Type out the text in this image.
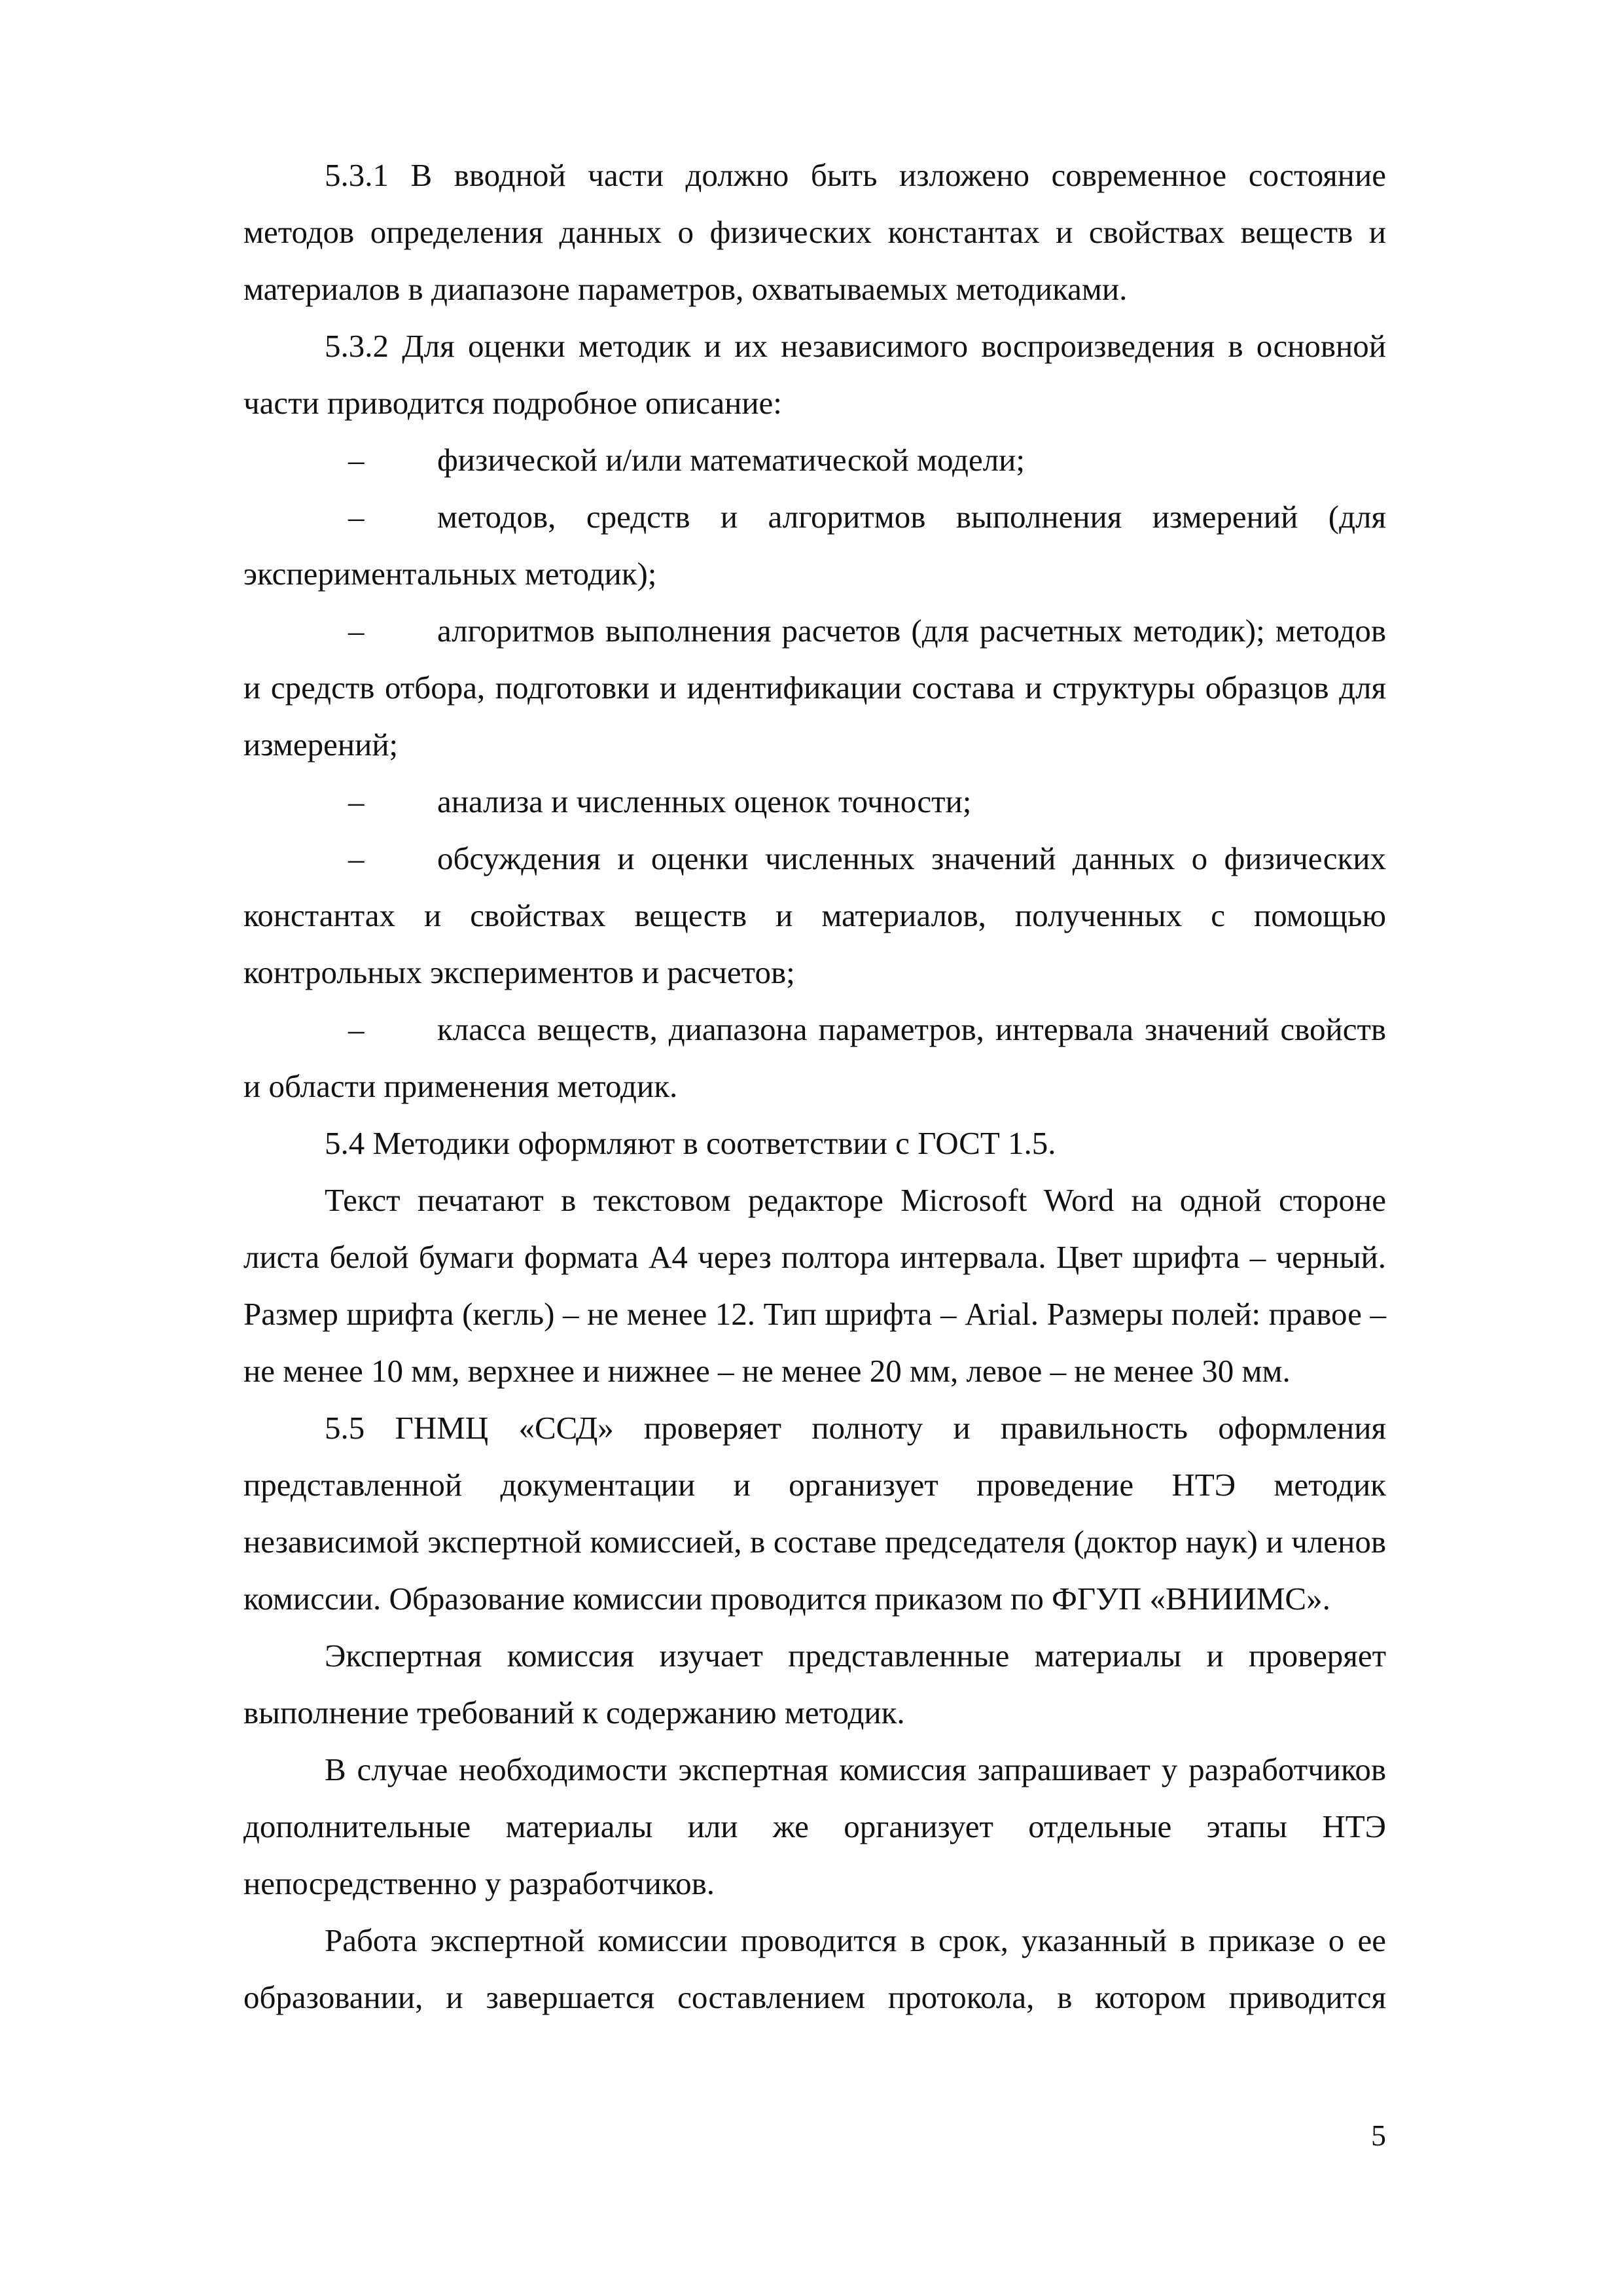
5.3.1 В вводной части должно быть изложено современное состояние методов определения данных о физических константах и свойствах веществ и материалов в диапазоне параметров, охватываемых методиками.

5.3.2 Для оценки методик и их независимого воспроизведения в основной части приводится подробное описание:

– физической и/или математической модели;

– методов, средств и алгоритмов выполнения измерений (для экспериментальных методик);

– алгоритмов выполнения расчетов (для расчетных методик); методов и средств отбора, подготовки и идентификации состава и структуры образцов для измерений;

– анализа и численных оценок точности;

– обсуждения и оценки численных значений данных о физических константах и свойствах веществ и материалов, полученных с помощью контрольных экспериментов и расчетов;

– класса веществ, диапазона параметров, интервала значений свойств и области применения методик.

5.4 Методики оформляют в соответствии с ГОСТ 1.5.

Текст печатают в текстовом редакторе Microsoft Word на одной стороне листа белой бумаги формата А4 через полтора интервала. Цвет шрифта – черный. Размер шрифта (кегль) – не менее 12. Тип шрифта – Arial. Размеры полей: правое – не менее 10 мм, верхнее и нижнее – не менее 20 мм, левое – не менее 30 мм.

5.5 ГНМЦ «ССД» проверяет полноту и правильность оформления представленной документации и организует проведение НТЭ методик независимой экспертной комиссией, в составе председателя (доктор наук) и членов комиссии. Образование комиссии проводится приказом по ФГУП «ВНИИМС».

Экспертная комиссия изучает представленные материалы и проверяет выполнение требований к содержанию методик.

В случае необходимости экспертная комиссия запрашивает у разработчиков дополнительные материалы или же организует отдельные этапы НТЭ непосредственно у разработчиков.

Работа экспертной комиссии проводится в срок, указанный в приказе о ее образовании, и завершается составлением протокола, в котором приводится

5
